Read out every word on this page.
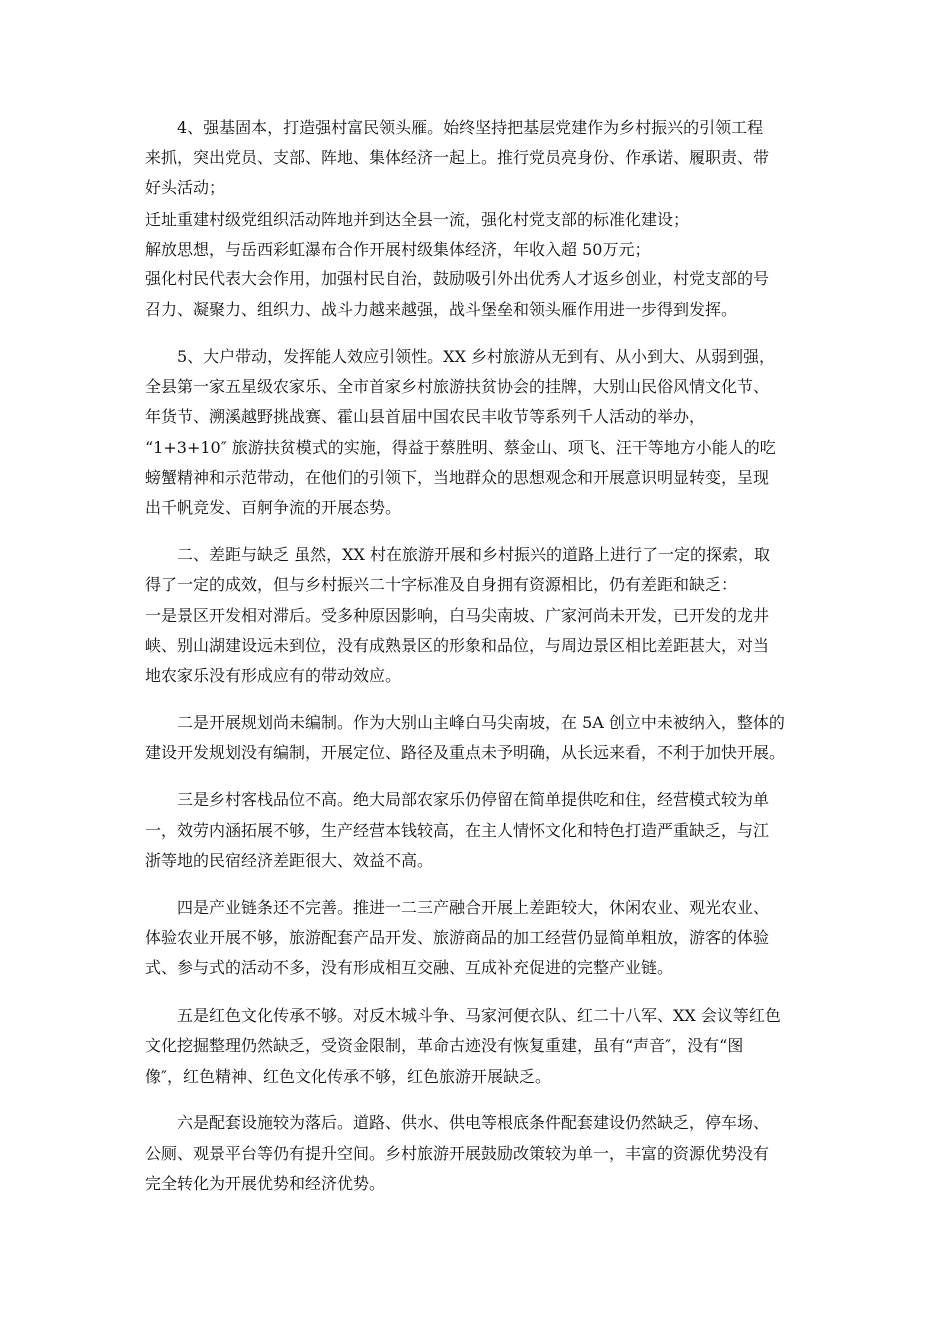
4、强基固本，打造强村富民领头雁。始终坚持把基层党建作为乡村振兴的引领工程
来抓，突出党员、支部、阵地、集体经济一起上。推行党员亮身份、作承诺、履职责、带
好头活动；
迁址重建村级党组织活动阵地并到达全县一流，强化村党支部的标准化建设；
解放思想，与岳西彩虹瀑布合作开展村级集体经济，年收入超 50万元；
强化村民代表大会作用，加强村民自治，鼓励吸引外出优秀人才返乡创业，村党支部的号
召力、凝聚力、组织力、战斗力越来越强，战斗堡垒和领头雁作用进一步得到发挥。
5、大户带动，发挥能人效应引领性。XX 乡村旅游从无到有、从小到大、从弱到强，
全县第一家五星级农家乐、全市首家乡村旅游扶贫协会的挂牌，大别山民俗风情文化节、
年货节、溯溪越野挑战赛、霍山县首届中国农民丰收节等系列千人活动的举办，
“1+3+10″ 旅游扶贫模式的实施，得益于蔡胜明、蔡金山、项飞、汪干等地方小能人的吃
螃蟹精神和示范带动，在他们的引领下，当地群众的思想观念和开展意识明显转变，呈现
出千帆竞发、百舸争流的开展态势。
二、差距与缺乏 虽然，XX 村在旅游开展和乡村振兴的道路上进行了一定的探索，取
得了一定的成效，但与乡村振兴二十字标准及自身拥有资源相比，仍有差距和缺乏：
一是景区开发相对滞后。受多种原因影响，白马尖南坡、广家河尚未开发，已开发的龙井
峡、别山湖建设远未到位，没有成熟景区的形象和品位，与周边景区相比差距甚大，对当
地农家乐没有形成应有的带动效应。
二是开展规划尚未编制。作为大别山主峰白马尖南坡，在 5A 创立中未被纳入，整体的
建设开发规划没有编制，开展定位、路径及重点未予明确，从长远来看，不利于加快开展。
三是乡村客栈品位不高。绝大局部农家乐仍停留在简单提供吃和住，经营模式较为单
一，效劳内涵拓展不够，生产经营本钱较高，在主人情怀文化和特色打造严重缺乏，与江
浙等地的民宿经济差距很大、效益不高。
四是产业链条还不完善。推进一二三产融合开展上差距较大，休闲农业、观光农业、
体验农业开展不够，旅游配套产品开发、旅游商品的加工经营仍显简单粗放，游客的体验
式、参与式的活动不多，没有形成相互交融、互成补充促进的完整产业链。
五是红色文化传承不够。对反木城斗争、马家河便衣队、红二十八军、XX 会议等红色
文化挖掘整理仍然缺乏，受资金限制，革命古迹没有恢复重建，虽有“声音″，没有“图
像″，红色精神、红色文化传承不够，红色旅游开展缺乏。
六是配套设施较为落后。道路、供水、供电等根底条件配套建设仍然缺乏，停车场、
公厕、观景平台等仍有提升空间。乡村旅游开展鼓励改策较为单一，丰富的资源优势没有
完全转化为开展优势和经济优势。
